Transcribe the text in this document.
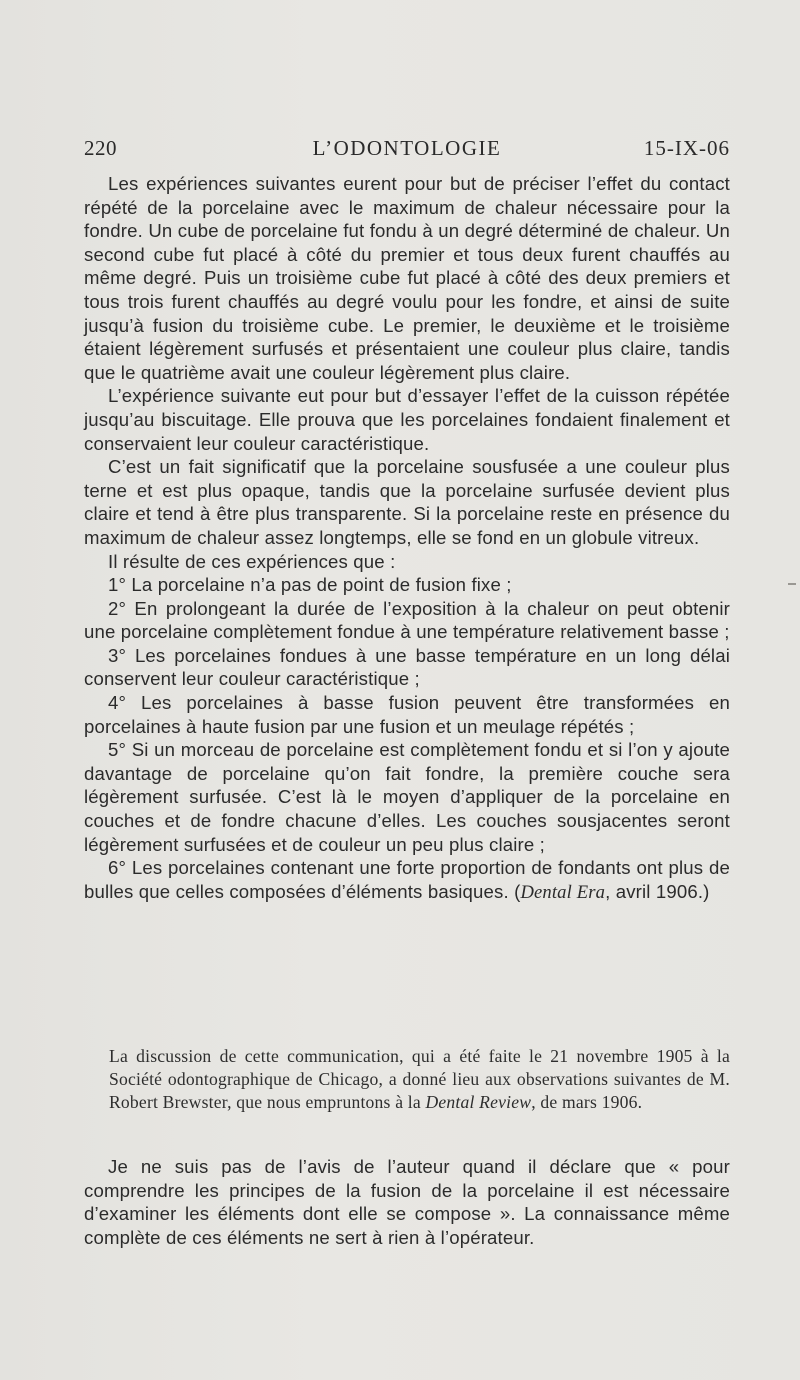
220	L’ODONTOLOGIE	15-IX-06

Les expériences suivantes eurent pour but de préciser l’effet du contact répété de la porcelaine avec le maximum de chaleur nécessaire pour la fondre. Un cube de porcelaine fut fondu à un degré déterminé de chaleur. Un second cube fut placé à côté du premier et tous deux furent chauffés au même degré. Puis un troisième cube fut placé à côté des deux premiers et tous trois furent chauffés au degré voulu pour les fondre, et ainsi de suite jusqu’à fusion du troisième cube. Le premier, le deuxième et le troisième étaient légèrement surfusés et présentaient une couleur plus claire, tandis que le quatrième avait une couleur légèrement plus claire.

L’expérience suivante eut pour but d’essayer l’effet de la cuisson répétée jusqu’au biscuitage. Elle prouva que les porcelaines fondaient finalement et conservaient leur couleur caractéristique.

C’est un fait significatif que la porcelaine sousfusée a une couleur plus terne et est plus opaque, tandis que la porcelaine surfusée devient plus claire et tend à être plus transparente. Si la porcelaine reste en présence du maximum de chaleur assez longtemps, elle se fond en un globule vitreux.

Il résulte de ces expériences que :

1° La porcelaine n’a pas de point de fusion fixe ;

2° En prolongeant la durée de l’exposition à la chaleur on peut obtenir une porcelaine complètement fondue à une température relativement basse ;

3° Les porcelaines fondues à une basse température en un long délai conservent leur couleur caractéristique ;

4° Les porcelaines à basse fusion peuvent être transformées en porcelaines à haute fusion par une fusion et un meulage répétés ;

5° Si un morceau de porcelaine est complètement fondu et si l’on y ajoute davantage de porcelaine qu’on fait fondre, la première couche sera légèrement surfusée. C’est là le moyen d’appliquer de la porcelaine en couches et de fondre chacune d’elles. Les couches sousjacentes seront légèrement surfusées et de couleur un peu plus claire ;

6° Les porcelaines contenant une forte proportion de fondants ont plus de bulles que celles composées d’éléments basiques. (Dental Era, avril 1906.)

La discussion de cette communication, qui a été faite le 21 novembre 1905 à la Société odontographique de Chicago, a donné lieu aux observations suivantes de M. Robert Brewster, que nous empruntons à la Dental Review, de mars 1906.

Je ne suis pas de l’avis de l’auteur quand il déclare que « pour comprendre les principes de la fusion de la porcelaine il est nécessaire d’examiner les éléments dont elle se compose ». La connaissance même complète de ces éléments ne sert à rien à l’opérateur.
